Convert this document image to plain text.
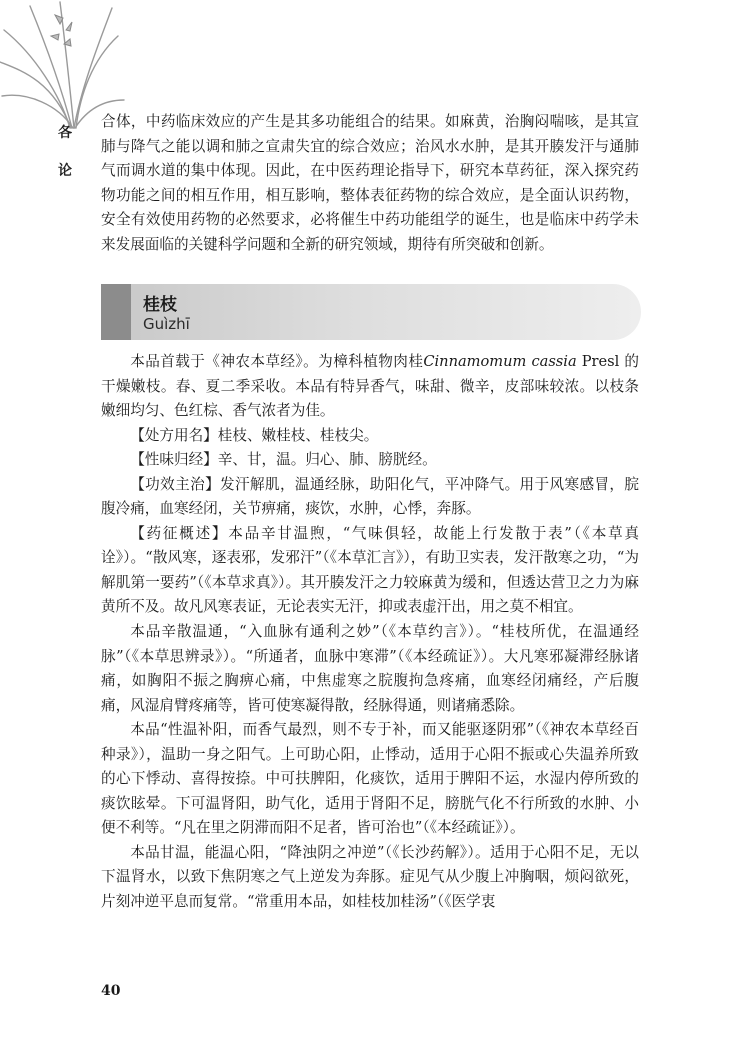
各
论

合体，中药临床效应的产生是其多功能组合的结果。如麻黄，治胸闷喘咳，是其宣肺与降气之能以调和肺之宣肃失宜的综合效应；治风水水肿，是其开腠发汗与通肺气而调水道的集中体现。因此，在中医药理论指导下，研究本草药征，深入探究药物功能之间的相互作用，相互影响，整体表征药物的综合效应，是全面认识药物，安全有效使用药物的必然要求，必将催生中药功能组学的诞生，也是临床中药学未来发展面临的关键科学问题和全新的研究领域，期待有所突破和创新。

桂枝
Guìzhī

本品首载于《神农本草经》。为樟科植物肉桂Cinnamomum cassia Presl 的干燥嫩枝。春、夏二季采收。本品有特异香气，味甜、微辛，皮部味较浓。以枝条嫩细均匀、色红棕、香气浓者为佳。

【处方用名】桂枝、嫩桂枝、桂枝尖。

【性味归经】辛、甘，温。归心、肺、膀胱经。

【功效主治】发汗解肌，温通经脉，助阳化气，平冲降气。用于风寒感冒，脘腹冷痛，血寒经闭，关节痹痛，痰饮，水肿，心悸，奔豚。

【药征概述】本品辛甘温煦，“气味俱轻，故能上行发散于表”（《本草真诠》）。“散风寒，逐表邪，发邪汗”（《本草汇言》），有助卫实表，发汗散寒之功，“为解肌第一要药”（《本草求真》）。其开腠发汗之力较麻黄为缓和，但透达营卫之力为麻黄所不及。故凡风寒表证，无论表实无汗，抑或表虚汗出，用之莫不相宜。

本品辛散温通，“入血脉有通利之妙”（《本草约言》）。“桂枝所优，在温通经脉”（《本草思辨录》）。“所通者，血脉中寒滞”（《本经疏证》）。大凡寒邪凝滞经脉诸痛，如胸阳不振之胸痹心痛，中焦虚寒之脘腹拘急疼痛，血寒经闭痛经，产后腹痛，风湿肩臂疼痛等，皆可使寒凝得散，经脉得通，则诸痛悉除。

本品“性温补阳，而香气最烈，则不专于补，而又能驱逐阴邪”（《神农本草经百种录》），温助一身之阳气。上可助心阳，止悸动，适用于心阳不振或心失温养所致的心下悸动、喜得按捺。中可扶脾阳，化痰饮，适用于脾阳不运，水湿内停所致的痰饮眩晕。下可温肾阳，助气化，适用于肾阳不足，膀胱气化不行所致的水肿、小便不利等。“凡在里之阴滞而阳不足者，皆可治也”（《本经疏证》）。

本品甘温，能温心阳，“降浊阴之冲逆”（《长沙药解》）。适用于心阳不足，无以下温肾水，以致下焦阴寒之气上逆发为奔豚。症见气从少腹上冲胸咽，烦闷欲死，片刻冲逆平息而复常。“常重用本品，如桂枝加桂汤”（《医学衷

40
